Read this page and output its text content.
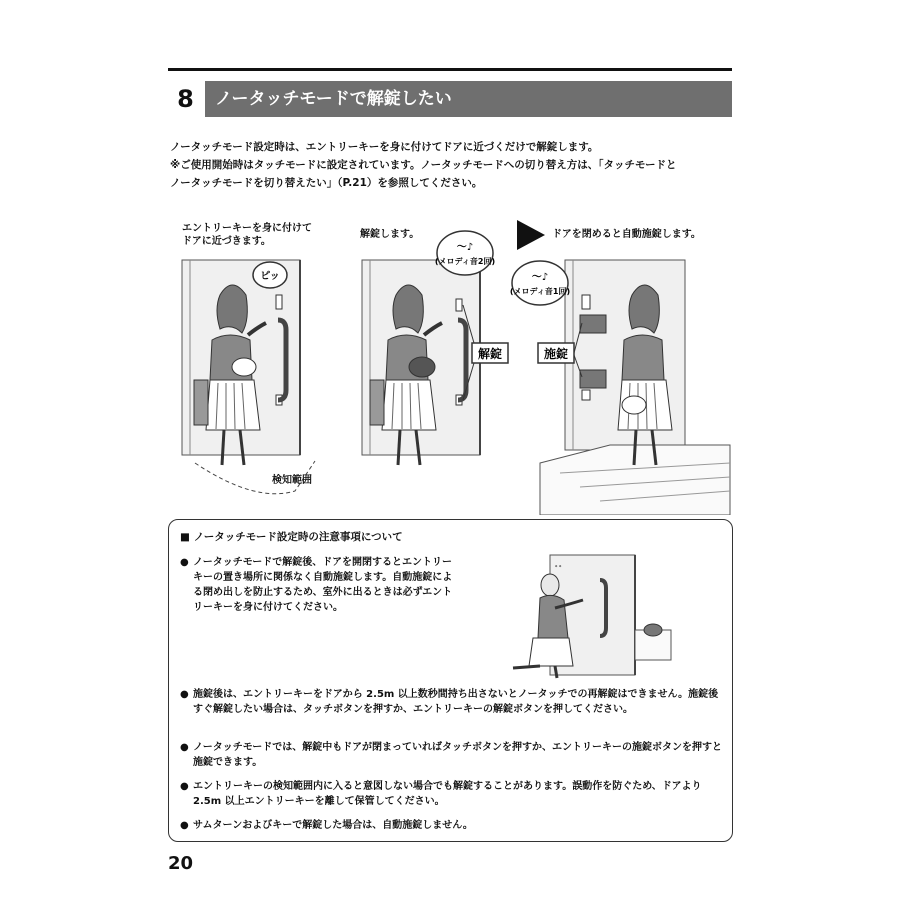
8	ノータッチモードで解錠したい

ノータッチモード設定時は、エントリーキーを身に付けてドアに近づくだけで解錠します。

※ご使用開始時はタッチモードに設定されています。ノータッチモードへの切り替え方は、「タッチモードと

ノータッチモードを切り替えたい」（P.21）を参照してください。

エントリーキーを身に付けて
ドアに近づきます。
解錠します。	ドアを閉めると自動施錠します。
ピッ
検知範囲
～♪
(メロディ音2回)
解錠
～♪
(メロディ音1回)
施錠
■ ノータッチモード設定時の注意事項について
● ノータッチモードで解錠後、ドアを開閉するとエントリーキーの置き場所に関係なく自動施錠します。自動施錠による閉め出しを防止するため、室外に出るときは必ずエントリーキーを身に付けてください。
ﾟﾟ
● 施錠後は、エントリーキーをドアから 2.5m 以上数秒間持ち出さないとノータッチでの再解錠はできません。施錠後すぐ解錠したい場合は、タッチボタンを押すか、エントリーキーの解錠ボタンを押してください。
● ノータッチモードでは、解錠中もドアが閉まっていればタッチボタンを押すか、エントリーキーの施錠ボタンを押すと施錠できます。
● エントリーキーの検知範囲内に入ると意図しない場合でも解錠することがあります。誤動作を防ぐため、ドアより 2.5m 以上エントリーキーを離して保管してください。
● サムターンおよびキーで解錠した場合は、自動施錠しません。
20
